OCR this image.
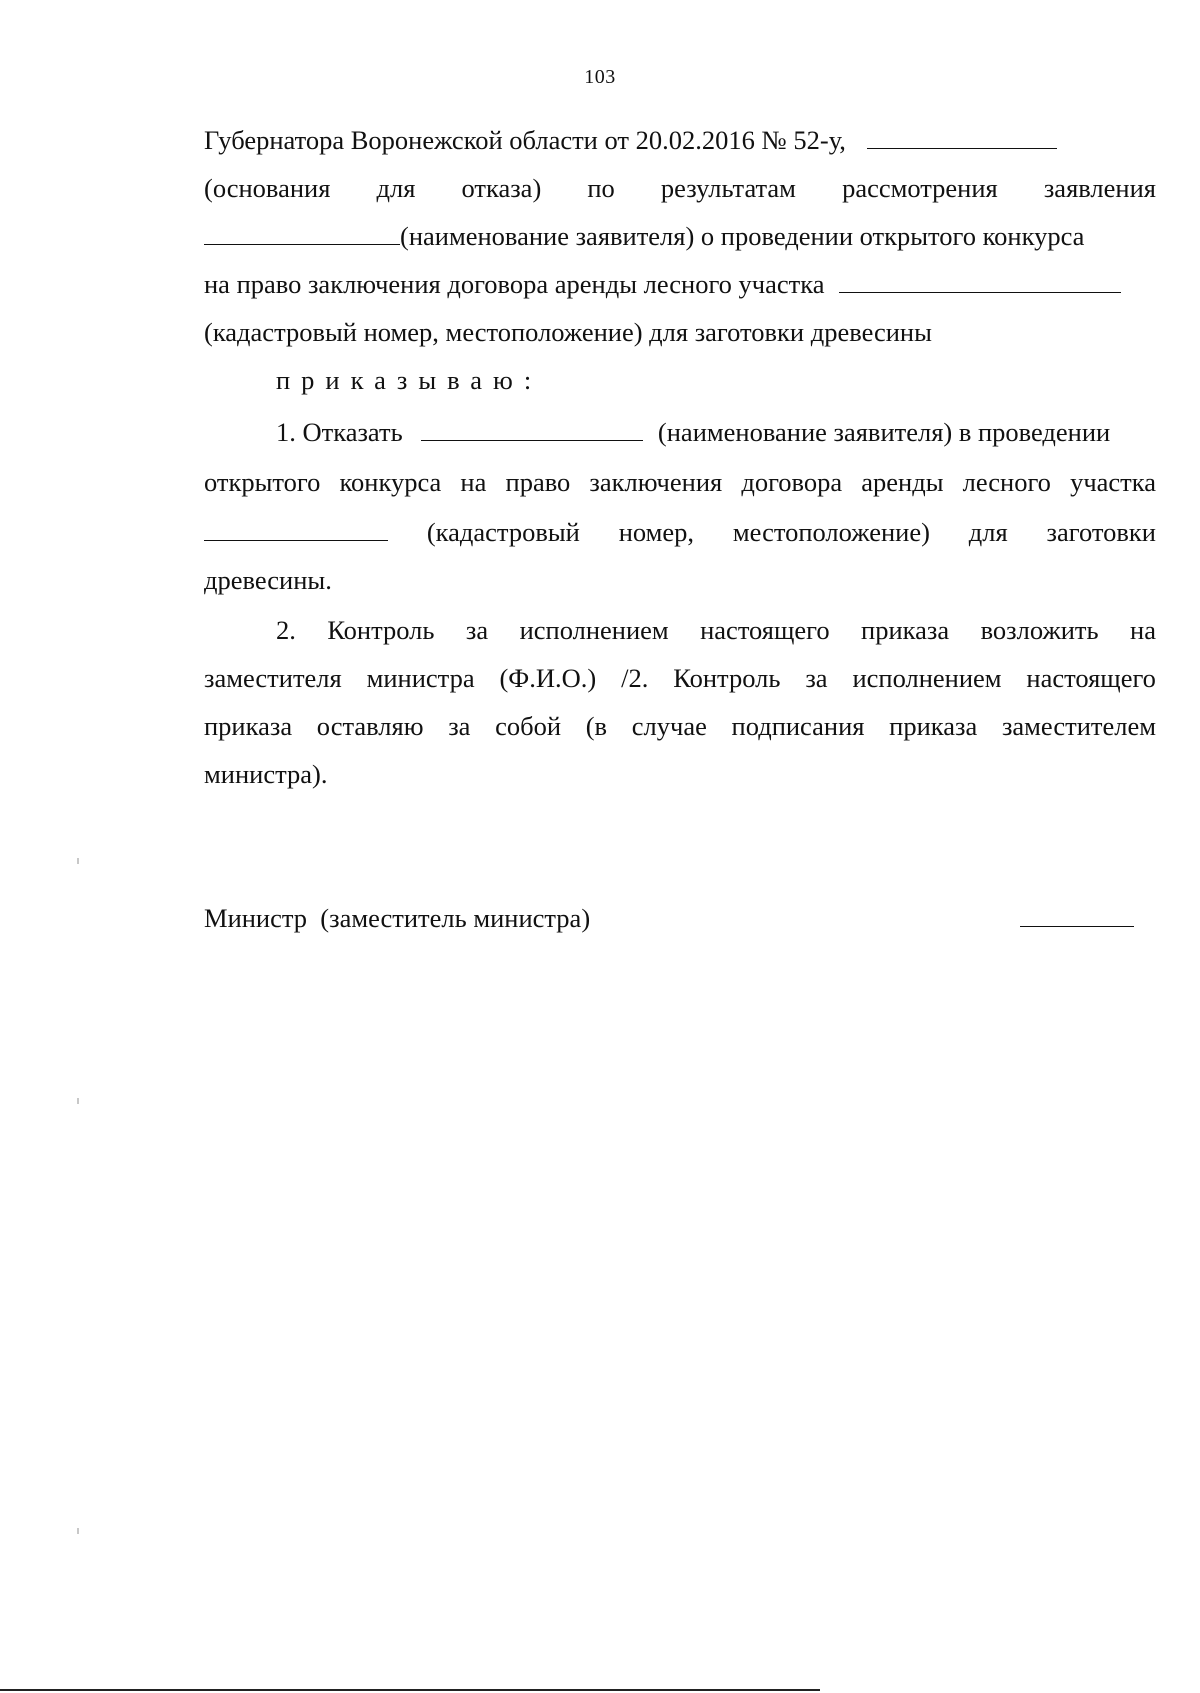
103
Губернатора Воронежской области от 20.02.2016 № 52-у,
(основания для отказа) по результатам рассмотрения заявления
(наименование заявителя) о проведении открытого конкурса
на право заключения договора аренды лесного участка
(кадастровый номер, местоположение) для заготовки древесины
приказываю:
1. Отказать	(наименование заявителя) в проведении
открытого конкурса на право заключения договора аренды лесного участка
(кадастровый номер, местоположение) для заготовки
древесины.
2. Контроль за исполнением настоящего приказа возложить на
заместителя министра (Ф.И.О.) /2. Контроль за исполнением настоящего
приказа оставляю за собой (в случае подписания приказа заместителем
министра).
Министр  (заместитель министра)
